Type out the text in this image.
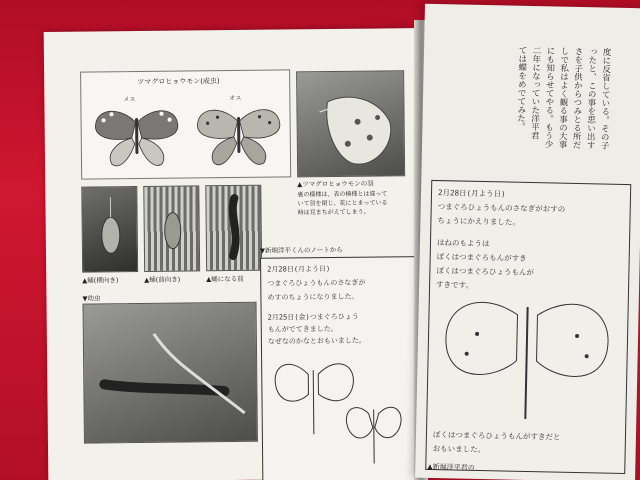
ツマグロヒョウモン(成虫)
メス	オス
▲ツマグロヒョウモンの羽
裏の模様は、表の模様とは違って
いて羽を閉じ、花にとまっている
時は見まちがえてしまう。
▲蛹(横向き)	▲蛹(前向き)	▲蛹になる前
▼幼虫
▼新堀洋平くんのノートから
2月28日(月よう日)
つまぐろひょうもんのさなぎが
めすのちょうになりました。
2月25日(金)つまぐろひょう
もんがでてきました。
なぜなのかなとおもいました。
ては蝶をめでてみた。 二年になっていた洋平君 にも知らせてやる。もう少 しで私はよく観る事の大事 さを子供からつみとる所だ ったと、この事を思い出す 度に反省している。その子
2月28日(月よう日)
つまぐろひょうもんのさなぎがおすの
ちょうにかえりました。
はねのもようは
ぼくはつまぐろもんがすき
ぼくはつまぐろひょうもんが
すきです。
ぼくはつまぐろひょうもんがすきだと
おもいました。
▲新堀洋平君の
